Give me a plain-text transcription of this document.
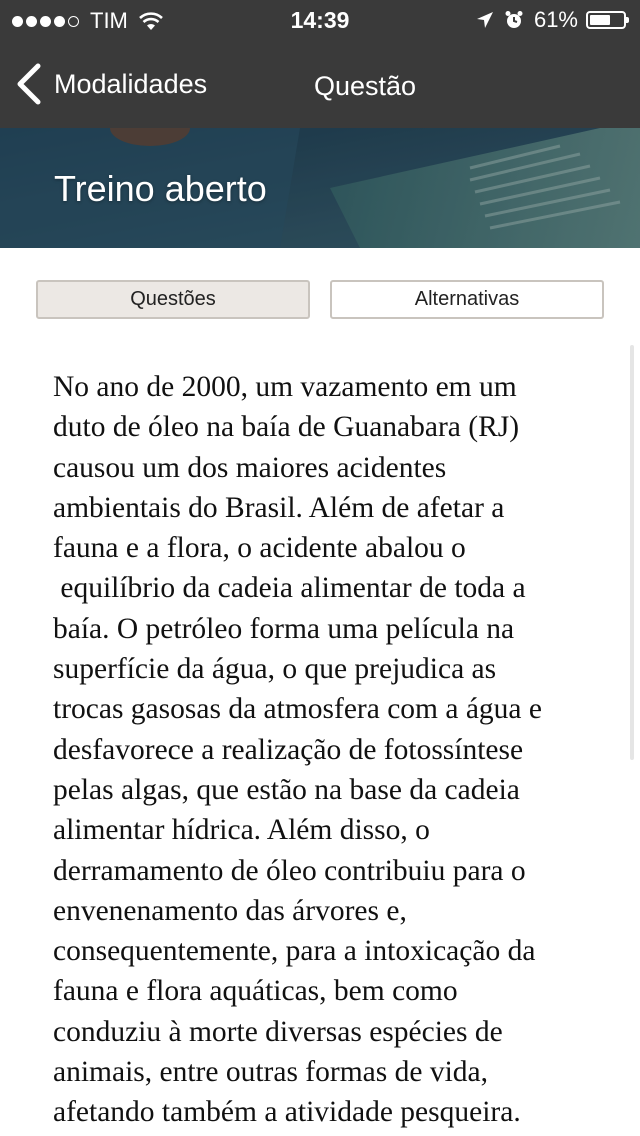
TIM	14:39	61%
Modalidades	Questão
Treino aberto
Questões	Alternativas

No ano de 2000, um vazamento em um
duto de óleo na baía de Guanabara (RJ)
causou um dos maiores acidentes
ambientais do Brasil. Além de afetar a
fauna e a flora, o acidente abalou o
equilíbrio da cadeia alimentar de toda a
baía. O petróleo forma uma película na
superfície da água, o que prejudica as
trocas gasosas da atmosfera com a água e
desfavorece a realização de fotossíntese
pelas algas, que estão na base da cadeia
alimentar hídrica. Além disso, o
derramamento de óleo contribuiu para o
envenenamento das árvores e,
consequentemente, para a intoxicação da
fauna e flora aquáticas, bem como
conduziu à morte diversas espécies de
animais, entre outras formas de vida,
afetando também a atividade pesqueira.
